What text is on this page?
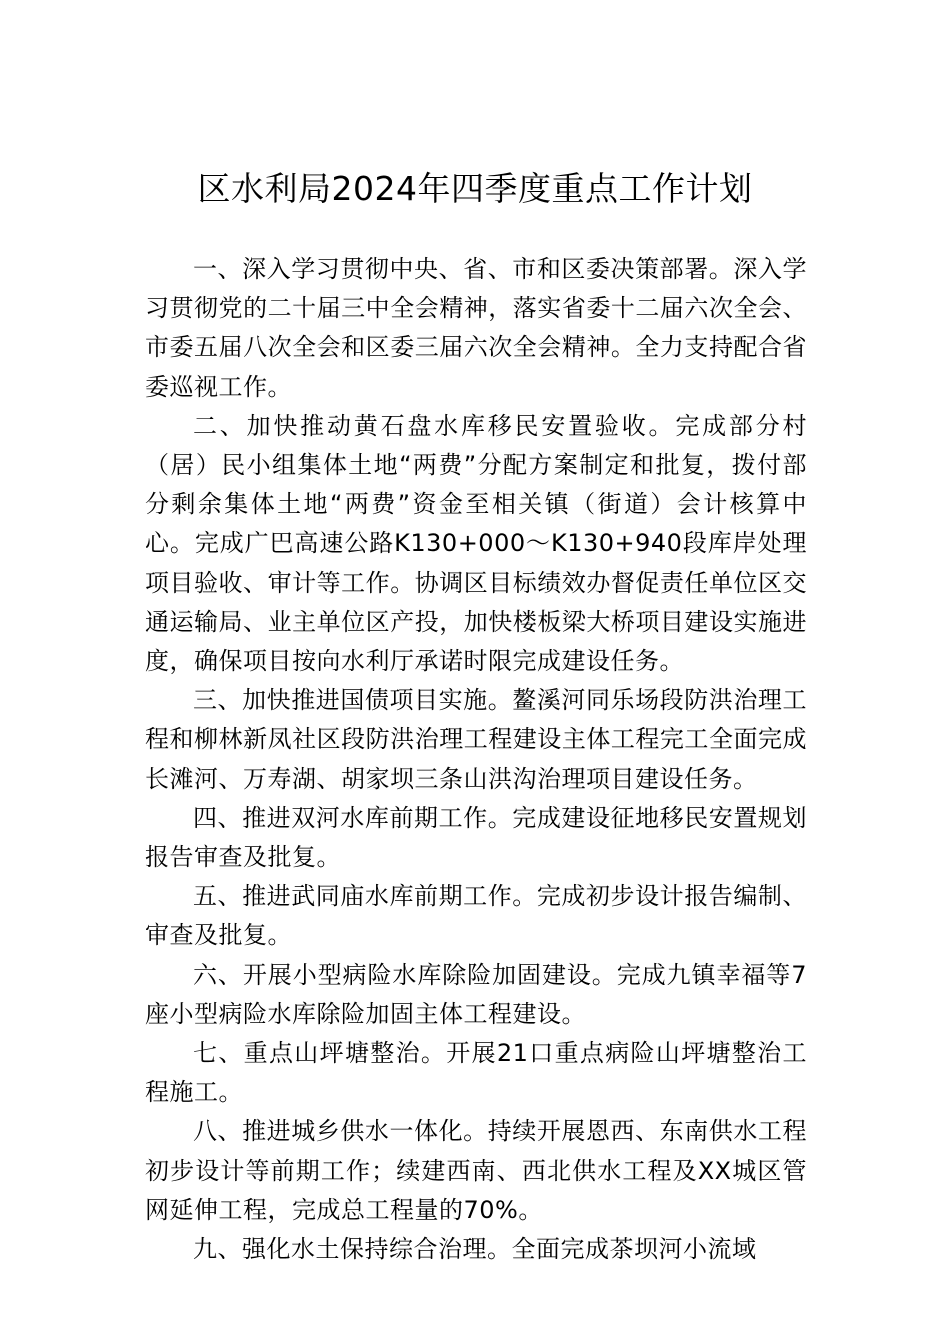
区水利局2024年四季度重点工作计划

一、深入学习贯彻中央、省、市和区委决策部署。深入学习贯彻党的二十届三中全会精神，落实省委十二届六次全会、市委五届八次全会和区委三届六次全会精神。全力支持配合省委巡视工作。

二、加快推动黄石盘水库移民安置验收。完成部分村（居）民小组集体土地“两费”分配方案制定和批复，拨付部分剩余集体土地“两费”资金至相关镇（街道）会计核算中心。完成广巴高速公路K130+000～K130+940段库岸处理项目验收、审计等工作。协调区目标绩效办督促责任单位区交通运输局、业主单位区产投，加快楼板梁大桥项目建设实施进度，确保项目按向水利厅承诺时限完成建设任务。

三、加快推进国债项目实施。鳌溪河同乐场段防洪治理工程和柳林新凤社区段防洪治理工程建设主体工程完工全面完成长滩河、万寿湖、胡家坝三条山洪沟治理项目建设任务。

四、推进双河水库前期工作。完成建设征地移民安置规划报告审查及批复。

五、推进武同庙水库前期工作。完成初步设计报告编制、审查及批复。

六、开展小型病险水库除险加固建设。完成九镇幸福等7座小型病险水库除险加固主体工程建设。

七、重点山坪塘整治。开展21口重点病险山坪塘整治工程施工。

八、推进城乡供水一体化。持续开展恩西、东南供水工程初步设计等前期工作；续建西南、西北供水工程及XX城区管网延伸工程，完成总工程量的70%。

九、强化水土保持综合治理。全面完成茶坝河小流域
